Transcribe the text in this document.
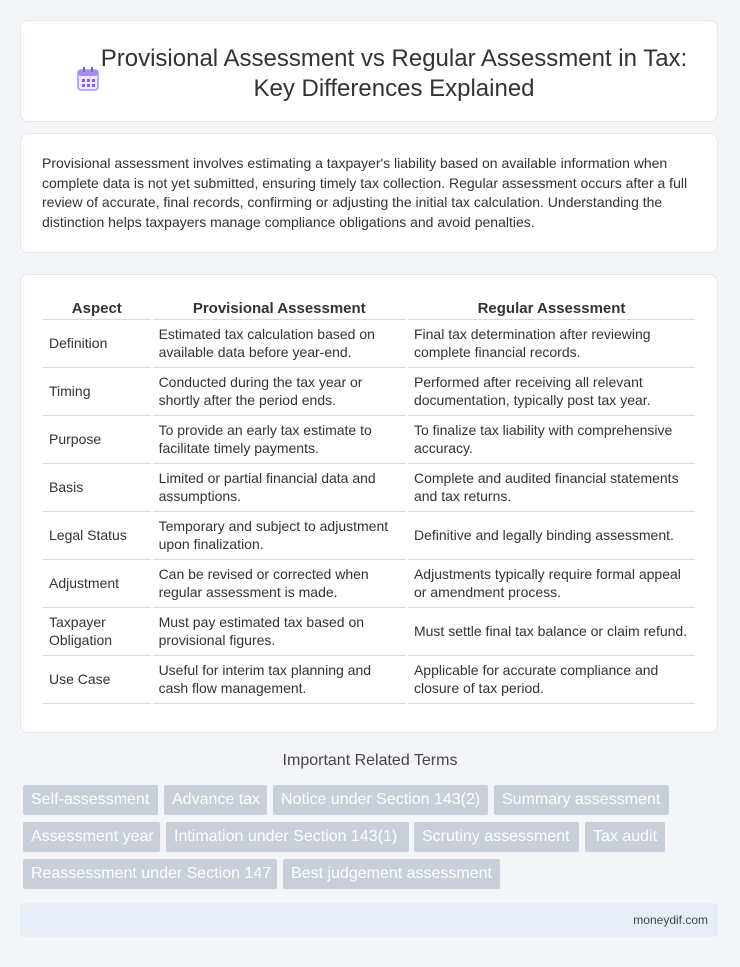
Provisional Assessment vs Regular Assessment in Tax: Key Differences Explained

Provisional assessment involves estimating a taxpayer's liability based on available information when complete data is not yet submitted, ensuring timely tax collection. Regular assessment occurs after a full review of accurate, final records, confirming or adjusting the initial tax calculation. Understanding the distinction helps taxpayers manage compliance obligations and avoid penalties.

Aspect	Provisional Assessment	Regular Assessment
Definition	Estimated tax calculation based on available data before year-end.	Final tax determination after reviewing complete financial records.
Timing	Conducted during the tax year or shortly after the period ends.	Performed after receiving all relevant documentation, typically post tax year.
Purpose	To provide an early tax estimate to facilitate timely payments.	To finalize tax liability with comprehensive accuracy.
Basis	Limited or partial financial data and assumptions.	Complete and audited financial statements and tax returns.
Legal Status	Temporary and subject to adjustment upon finalization.	Definitive and legally binding assessment.
Adjustment	Can be revised or corrected when regular assessment is made.	Adjustments typically require formal appeal or amendment process.
Taxpayer Obligation	Must pay estimated tax based on provisional figures.	Must settle final tax balance or claim refund.
Use Case	Useful for interim tax planning and cash flow management.	Applicable for accurate compliance and closure of tax period.
Important Related Terms
Self-assessment	Advance tax	Notice under Section 143(2)	Summary assessment
Assessment year	Intimation under Section 143(1)	Scrutiny assessment	Tax audit
Reassessment under Section 147	Best judgement assessment
moneydif.com
